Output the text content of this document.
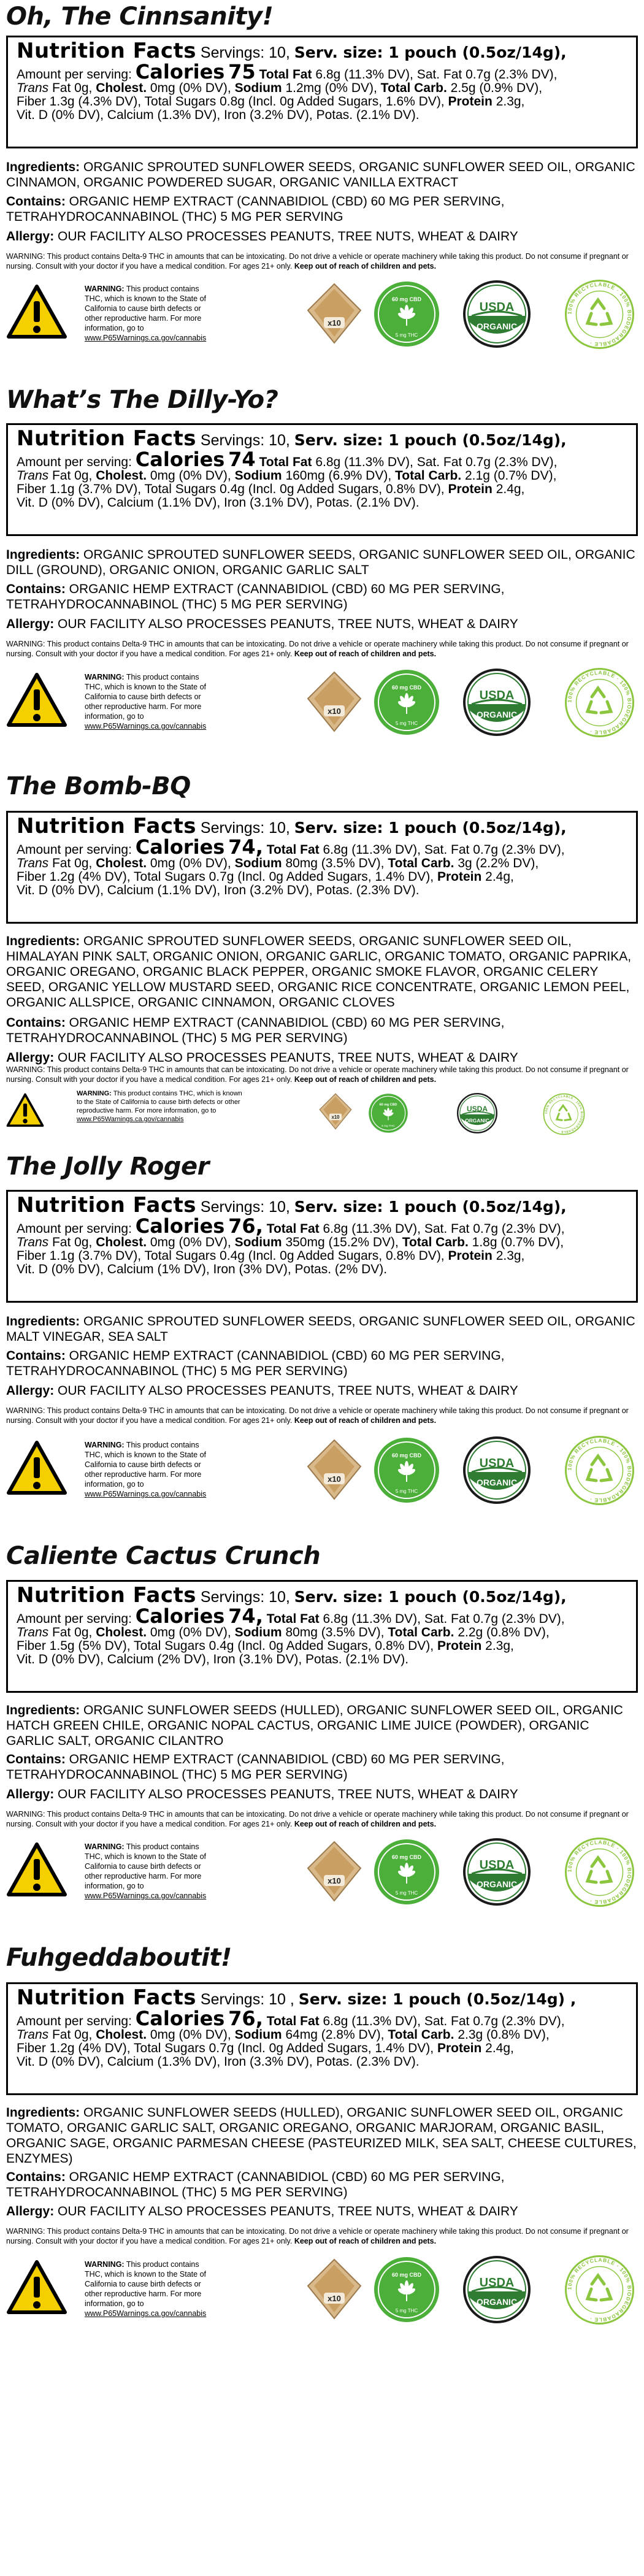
Oh, The Cinnsanity!
Nutrition Facts Servings: 10, Serv. size: 1 pouch (0.5oz/14g),
Amount per serving: Calories 75 Total Fat 6.8g (11.3% DV), Sat. Fat 0.7g (2.3% DV),
Trans Fat 0g, Cholest. 0mg (0% DV), Sodium 1.2mg (0% DV), Total Carb. 2.5g (0.9% DV),
Fiber 1.3g (4.3% DV), Total Sugars 0.8g (Incl. 0g Added Sugars, 1.6% DV), Protein 2.3g,
Vit. D (0% DV), Calcium (1.3% DV), Iron (3.2% DV), Potas. (2.1% DV).

Ingredients: ORGANIC SPROUTED SUNFLOWER SEEDS, ORGANIC SUNFLOWER SEED OIL, ORGANIC CINNAMON, ORGANIC POWDERED SUGAR, ORGANIC VANILLA EXTRACT

Contains: ORGANIC HEMP EXTRACT (CANNABIDIOL (CBD) 60 MG PER SERVING, TETRAHYDROCANNABINOL (THC) 5 MG PER SERVING

Allergy: OUR FACILITY ALSO PROCESSES PEANUTS, TREE NUTS, WHEAT & DAIRY

WARNING: This product contains Delta-9 THC in amounts that can be intoxicating. Do not drive a vehicle or operate machinery while taking this product. Do not consume if pregnant or nursing. Consult with your doctor if you have a medical condition. For ages 21+ only. Keep out of reach of children and pets.

WARNING: This product contains THC, which is known to the State of California to cause birth defects or other reproductive harm. For more information, go to www.P65Warnings.ca.gov/cannabis
x10
60 mg CBD
5 mg THC
USDA
ORGANIC
100% RECYCLABLE · 100% BIODEGRADABLE ·
What’s The Dilly-Yo?
Nutrition Facts Servings: 10, Serv. size: 1 pouch (0.5oz/14g),
Amount per serving: Calories 74 Total Fat 6.8g (11.3% DV), Sat. Fat 0.7g (2.3% DV),
Trans Fat 0g, Cholest. 0mg (0% DV), Sodium 160mg (6.9% DV), Total Carb. 2.1g (0.7% DV),
Fiber 1.1g (3.7% DV), Total Sugars 0.4g (Incl. 0g Added Sugars, 0.8% DV), Protein 2.4g,
Vit. D (0% DV), Calcium (1.1% DV), Iron (3.1% DV), Potas. (2.1% DV).

Ingredients: ORGANIC SPROUTED SUNFLOWER SEEDS, ORGANIC SUNFLOWER SEED OIL, ORGANIC DILL (GROUND), ORGANIC ONION, ORGANIC GARLIC SALT

Contains: ORGANIC HEMP EXTRACT (CANNABIDIOL (CBD) 60 MG PER SERVING, TETRAHYDROCANNABINOL (THC) 5 MG PER SERVING)

Allergy: OUR FACILITY ALSO PROCESSES PEANUTS, TREE NUTS, WHEAT & DAIRY

WARNING: This product contains Delta-9 THC in amounts that can be intoxicating. Do not drive a vehicle or operate machinery while taking this product. Do not consume if pregnant or nursing. Consult with your doctor if you have a medical condition. For ages 21+ only. Keep out of reach of children and pets.

WARNING: This product contains THC, which is known to the State of California to cause birth defects or other reproductive harm. For more information, go to www.P65Warnings.ca.gov/cannabis
x10
60 mg CBD
5 mg THC
USDA
ORGANIC
100% RECYCLABLE · 100% BIODEGRADABLE ·
The Bomb-BQ
Nutrition Facts Servings: 10, Serv. size: 1 pouch (0.5oz/14g),
Amount per serving: Calories 74, Total Fat 6.8g (11.3% DV), Sat. Fat 0.7g (2.3% DV),
Trans Fat 0g, Cholest. 0mg (0% DV), Sodium 80mg (3.5% DV), Total Carb. 3g (2.2% DV),
Fiber 1.2g (4% DV), Total Sugars 0.7g (Incl. 0g Added Sugars, 1.4% DV), Protein 2.4g,
Vit. D (0% DV), Calcium (1.1% DV), Iron (3.2% DV), Potas. (2.3% DV).

Ingredients: ORGANIC SPROUTED SUNFLOWER SEEDS, ORGANIC SUNFLOWER SEED OIL, HIMALAYAN PINK SALT, ORGANIC ONION, ORGANIC GARLIC, ORGANIC TOMATO, ORGANIC PAPRIKA, ORGANIC OREGANO, ORGANIC BLACK PEPPER, ORGANIC SMOKE FLAVOR, ORGANIC CELERY SEED, ORGANIC YELLOW MUSTARD SEED, ORGANIC RICE CONCENTRATE, ORGANIC LEMON PEEL, ORGANIC ALLSPICE, ORGANIC CINNAMON, ORGANIC CLOVES

Contains: ORGANIC HEMP EXTRACT (CANNABIDIOL (CBD) 60 MG PER SERVING, TETRAHYDROCANNABINOL (THC) 5 MG PER SERVING)

Allergy: OUR FACILITY ALSO PROCESSES PEANUTS, TREE NUTS, WHEAT & DAIRY

WARNING: This product contains Delta-9 THC in amounts that can be intoxicating. Do not drive a vehicle or operate machinery while taking this product. Do not consume if pregnant or nursing. Consult with your doctor if you have a medical condition. For ages 21+ only. Keep out of reach of children and pets.

WARNING: This product contains THC, which is known to the State of California to cause birth defects or other reproductive harm. For more information, go to www.P65Warnings.ca.gov/cannabis	x10
60 mg CBD
5 mg THC
USDA
ORGANIC
100% RECYCLABLE · 100% BIODEGRADABLE ·
The Jolly Roger
Nutrition Facts Servings: 10, Serv. size: 1 pouch (0.5oz/14g),
Amount per serving: Calories 76, Total Fat 6.8g (11.3% DV), Sat. Fat 0.7g (2.3% DV),
Trans Fat 0g, Cholest. 0mg (0% DV), Sodium 350mg (15.2% DV), Total Carb. 1.8g (0.7% DV),
Fiber 1.1g (3.7% DV), Total Sugars 0.4g (Incl. 0g Added Sugars, 0.8% DV), Protein 2.3g,
Vit. D (0% DV), Calcium (1% DV), Iron (3% DV), Potas. (2% DV).

Ingredients: ORGANIC SPROUTED SUNFLOWER SEEDS, ORGANIC SUNFLOWER SEED OIL, ORGANIC MALT VINEGAR, SEA SALT

Contains: ORGANIC HEMP EXTRACT (CANNABIDIOL (CBD) 60 MG PER SERVING, TETRAHYDROCANNABINOL (THC) 5 MG PER SERVING)

Allergy: OUR FACILITY ALSO PROCESSES PEANUTS, TREE NUTS, WHEAT & DAIRY

WARNING: This product contains Delta-9 THC in amounts that can be intoxicating. Do not drive a vehicle or operate machinery while taking this product. Do not consume if pregnant or nursing. Consult with your doctor if you have a medical condition. For ages 21+ only. Keep out of reach of children and pets.

WARNING: This product contains THC, which is known to the State of California to cause birth defects or other reproductive harm. For more information, go to www.P65Warnings.ca.gov/cannabis
x10
60 mg CBD
5 mg THC
USDA
ORGANIC
100% RECYCLABLE · 100% BIODEGRADABLE ·
Caliente Cactus Crunch
Nutrition Facts Servings: 10, Serv. size: 1 pouch (0.5oz/14g),
Amount per serving: Calories 74, Total Fat 6.8g (11.3% DV), Sat. Fat 0.7g (2.3% DV),
Trans Fat 0g, Cholest. 0mg (0% DV), Sodium 80mg (3.5% DV), Total Carb. 2.2g (0.8% DV),
Fiber 1.5g (5% DV), Total Sugars 0.4g (Incl. 0g Added Sugars, 0.8% DV), Protein 2.3g,
Vit. D (0% DV), Calcium (2% DV), Iron (3.1% DV), Potas. (2.1% DV).

Ingredients: ORGANIC SUNFLOWER SEEDS (HULLED), ORGANIC SUNFLOWER SEED OIL, ORGANIC HATCH GREEN CHILE, ORGANIC NOPAL CACTUS, ORGANIC LIME JUICE (POWDER), ORGANIC GARLIC SALT, ORGANIC CILANTRO

Contains: ORGANIC HEMP EXTRACT (CANNABIDIOL (CBD) 60 MG PER SERVING, TETRAHYDROCANNABINOL (THC) 5 MG PER SERVING)

Allergy: OUR FACILITY ALSO PROCESSES PEANUTS, TREE NUTS, WHEAT & DAIRY

WARNING: This product contains Delta-9 THC in amounts that can be intoxicating. Do not drive a vehicle or operate machinery while taking this product. Do not consume if pregnant or nursing. Consult with your doctor if you have a medical condition. For ages 21+ only. Keep out of reach of children and pets.

WARNING: This product contains THC, which is known to the State of California to cause birth defects or other reproductive harm. For more information, go to www.P65Warnings.ca.gov/cannabis
x10
60 mg CBD
5 mg THC
USDA
ORGANIC
100% RECYCLABLE · 100% BIODEGRADABLE ·
Fuhgeddaboutit!
Nutrition Facts Servings: 10 , Serv. size: 1 pouch (0.5oz/14g) ,
Amount per serving: Calories 76, Total Fat 6.8g (11.3% DV), Sat. Fat 0.7g (2.3% DV),
Trans Fat 0g, Cholest. 0mg (0% DV), Sodium 64mg (2.8% DV), Total Carb. 2.3g (0.8% DV),
Fiber 1.2g (4% DV), Total Sugars 0.7g (Incl. 0g Added Sugars, 1.4% DV), Protein 2.4g,
Vit. D (0% DV), Calcium (1.3% DV), Iron (3.3% DV), Potas. (2.3% DV).

Ingredients: ORGANIC SUNFLOWER SEEDS (HULLED), ORGANIC SUNFLOWER SEED OIL, ORGANIC TOMATO, ORGANIC GARLIC SALT, ORGANIC OREGANO, ORGANIC MARJORAM, ORGANIC BASIL, ORGANIC SAGE, ORGANIC PARMESAN CHEESE (PASTEURIZED MILK, SEA SALT, CHEESE CULTURES, ENZYMES)

Contains: ORGANIC HEMP EXTRACT (CANNABIDIOL (CBD) 60 MG PER SERVING, TETRAHYDROCANNABINOL (THC) 5 MG PER SERVING)

Allergy: OUR FACILITY ALSO PROCESSES PEANUTS, TREE NUTS, WHEAT & DAIRY

WARNING: This product contains Delta-9 THC in amounts that can be intoxicating. Do not drive a vehicle or operate machinery while taking this product. Do not consume if pregnant or nursing. Consult with your doctor if you have a medical condition. For ages 21+ only. Keep out of reach of children and pets.

WARNING: This product contains THC, which is known to the State of California to cause birth defects or other reproductive harm. For more information, go to www.P65Warnings.ca.gov/cannabis
x10
60 mg CBD
5 mg THC
USDA
ORGANIC
100% RECYCLABLE · 100% BIODEGRADABLE ·
